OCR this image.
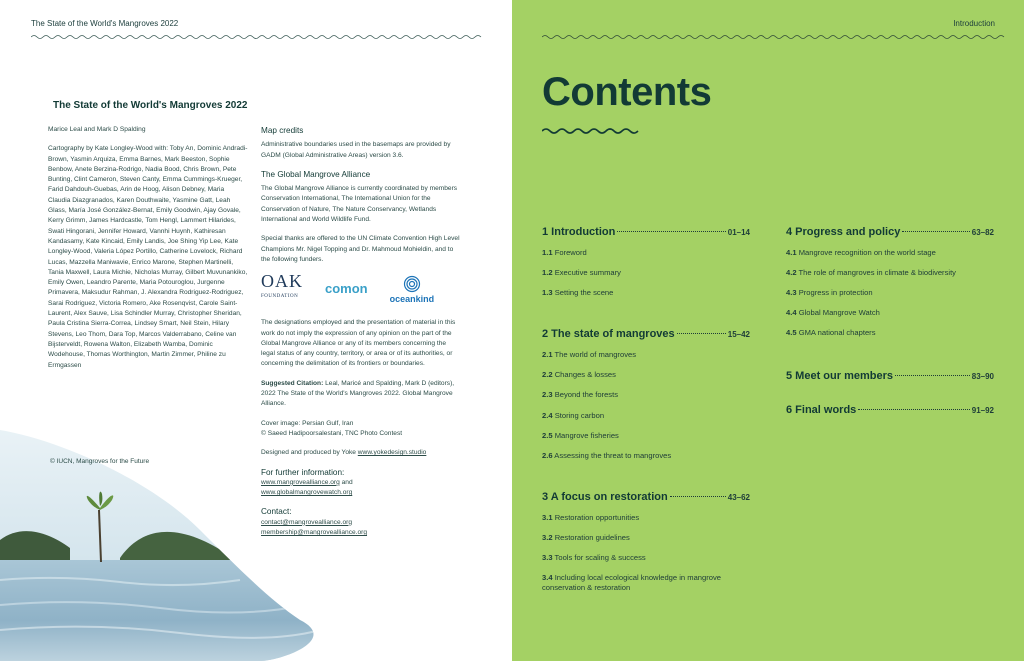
The State of the World's Mangroves 2022
The State of the World's Mangroves 2022

Marice Leal and Mark D Spalding

Cartography by Kate Longley-Wood with: Toby Arı, Dominic Andradi-Brown, Yasmin Arquiza, Emma Barnes, Mark Beeston, Sophie Benbow, Anete Berzina-Rodrigo, Nadia Bood, Chris Brown, Pete Bunting, Clint Cameron, Steven Canty, Emma Cummings-Krueger, Farid Dahdouh-Guebas, Arin de Hoog, Alison Debney, Maria Claudia Diazgranados, Karen Douthwaite, Yasmine Gatt, Leah Glass, María José González-Bernat, Emily Goodwin, Ajay Govale, Kerry Grimm, James Hardcastle, Tom Hengl, Lammert Hilarides, Swati Hingorani, Jennifer Howard, Vannhi Huynh, Kathiresan Kandasamy, Kate Kincaid, Emily Landis, Joe Shing Yip Lee, Kate Longley-Wood, Valeria López Portillo, Catherine Lovelock, Richard Lucas, Mazzella Maniwavie, Enrico Marone, Stephen Martinelli, Tania Maxwell, Laura Michie, Nicholas Murray, Gilbert Muvunankiko, Emily Owen, Leandro Parente, Maria Potouroglou, Jurgenne Primavera, Maksudur Rahman, J. Alexandra Rodriguez-Rodriguez, Sarai Rodriguez, Victoria Romero, Ake Rosenqvist, Carole Saint-Laurent, Alex Sauve, Lisa Schindler Murray, Christopher Sheridan, Paula Cristina Sierra-Correa, Lindsey Smart, Neil Stein, Hilary Stevens, Leo Thom, Dara Top, Marcos Valderrabano, Celine van Bijsterveldt, Rowena Walton, Elizabeth Wamba, Dominic Wodehouse, Thomas Worthington, Martin Zimmer, Philine zu Ermgassen

Map credits

Administrative boundaries used in the basemaps are provided by GADM (Global Administrative Areas) version 3.6.

The Global Mangrove Alliance

The Global Mangrove Alliance is currently coordinated by members Conservation International, The International Union for the Conservation of Nature, The Nature Conservancy, Wetlands International and World Wildlife Fund.

Special thanks are offered to the UN Climate Convention High Level Champions Mr. Nigel Topping and Dr. Mahmoud Mohieldin, and to the following funders.

OAK
FOUNDATION
comon
oceankind

The designations employed and the presentation of material in this work do not imply the expression of any opinion on the part of the Global Mangrove Alliance or any of its members concerning the legal status of any country, territory, or area or of its authorities, or concerning the delimitation of its frontiers or boundaries.

Suggested Citation: Leal, Maricé and Spalding, Mark D (editors), 2022 The State of the World's Mangroves 2022. Global Mangrove Alliance.

Cover image: Persian Gulf, Iran
© Saeed Hadipoorsalestani, TNC Photo Contest

Designed and produced by Yoke www.yokedesign.studio

For further information:

www.mangrovealliance.org and
www.globalmangrovewatch.org

Contact:

contact@mangrovealliance.org
membership@mangrovealliance.org

© IUCN, Mangroves for the Future
Introduction
Contents
1 Introduction	01–14
1.1 Foreword
1.2 Executive summary
1.3 Setting the scene
2 The state of mangroves	15–42
2.1 The world of mangroves
2.2 Changes & losses
2.3 Beyond the forests
2.4 Storing carbon
2.5 Mangrove fisheries
2.6 Assessing the threat to mangroves
3 A focus on restoration	43–62
3.1 Restoration opportunities
3.2 Restoration guidelines
3.3 Tools for scaling & success
3.4 Including local ecological knowledge in mangrove conservation & restoration
4 Progress and policy	63–82
4.1 Mangrove recognition on the world stage
4.2 The role of mangroves in climate & biodiversity
4.3 Progress in protection
4.4 Global Mangrove Watch
4.5 GMA national chapters
5 Meet our members	83–90
6 Final words	91–92
